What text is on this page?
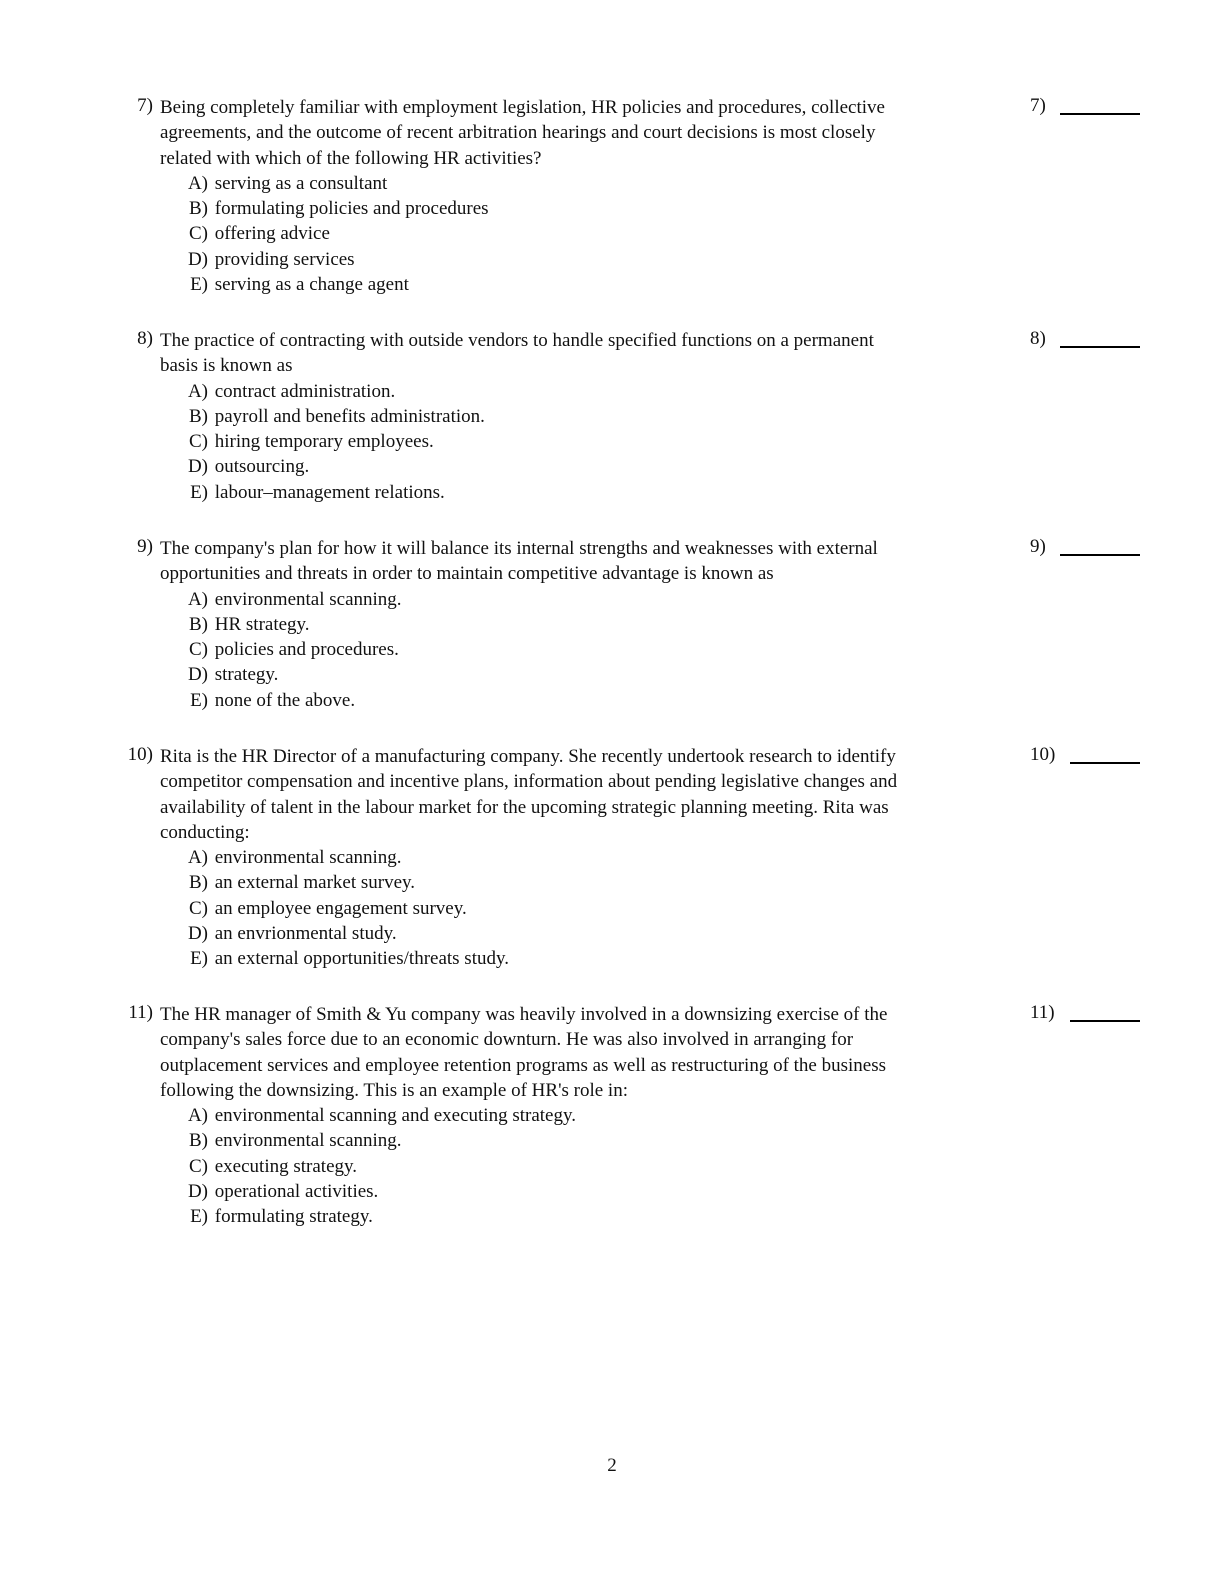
7) Being completely familiar with employment legislation, HR policies and procedures, collective
agreements, and the outcome of recent arbitration hearings and court decisions is most closely
related with which of the following HR activities?
A) serving as a consultant
B) formulating policies and procedures
C) offering advice
D) providing services
E) serving as a change agent
7)
8) The practice of contracting with outside vendors to handle specified functions on a permanent
basis is known as
A) contract administration.
B) payroll and benefits administration.
C) hiring temporary employees.
D) outsourcing.
E) labour–management relations.
8)
9) The company's plan for how it will balance its internal strengths and weaknesses with external
opportunities and threats in order to maintain competitive advantage is known as
A) environmental scanning.
B) HR strategy.
C) policies and procedures.
D) strategy.
E) none of the above.
9)
10) Rita is the HR Director of a manufacturing company. She recently undertook research to identify
competitor compensation and incentive plans, information about pending legislative changes and
availability of talent in the labour market for the upcoming strategic planning meeting. Rita was
conducting:
A) environmental scanning.
B) an external market survey.
C) an employee engagement survey.
D) an envrionmental study.
E) an external opportunities/threats study.
10)
11) The HR manager of Smith & Yu company was heavily involved in a downsizing exercise of the
company's sales force due to an economic downturn. He was also involved in arranging for
outplacement services and employee retention programs as well as restructuring of the business
following the downsizing. This is an example of HR's role in:
A) environmental scanning and executing strategy.
B) environmental scanning.
C) executing strategy.
D) operational activities.
E) formulating strategy.
11)
2
